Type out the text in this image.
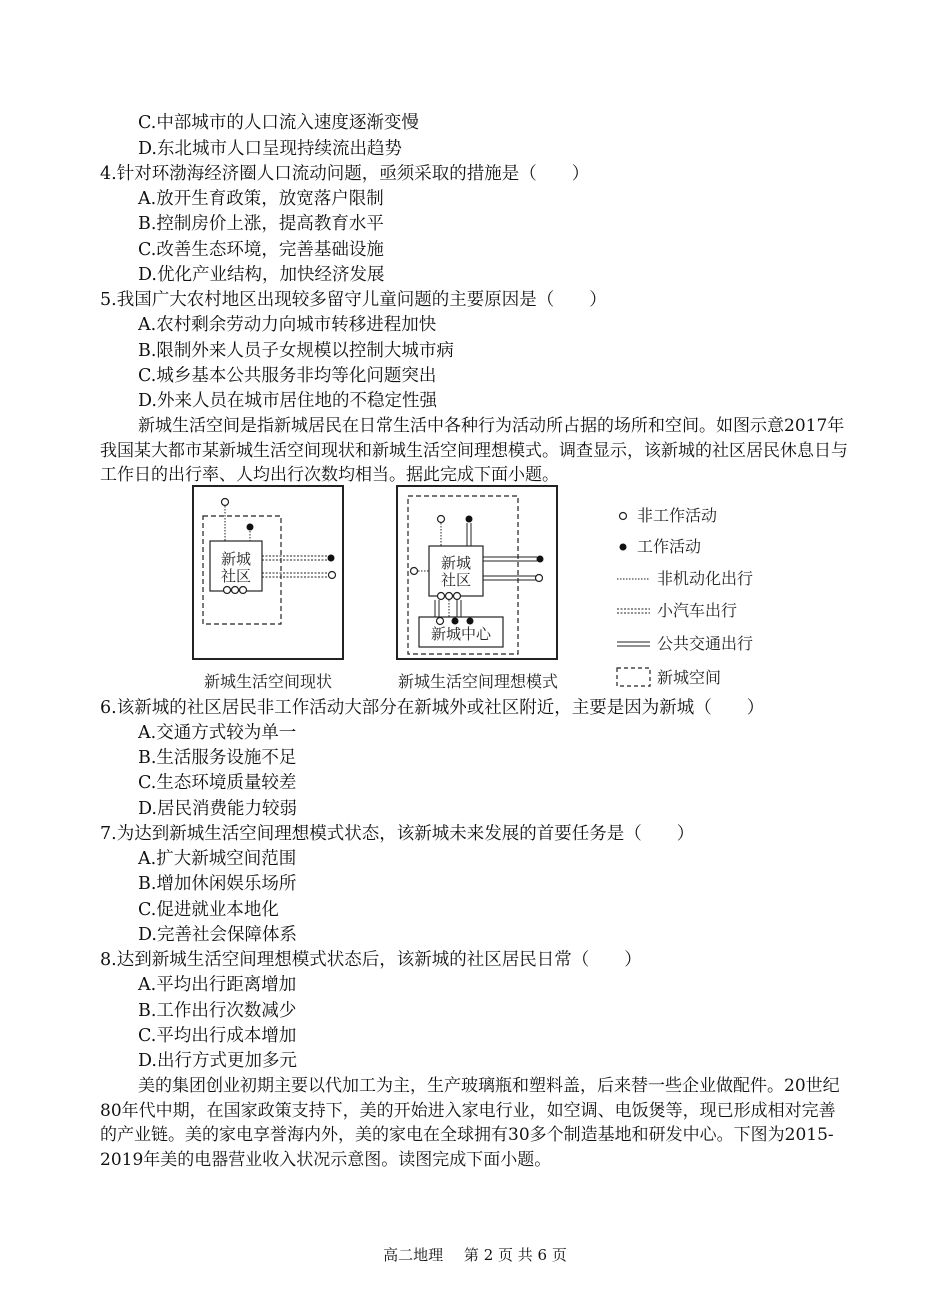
C.中部城市的人口流入速度逐渐变慢
D.东北城市人口呈现持续流出趋势
4.针对环渤海经济圈人口流动问题，亟须采取的措施是（　　）
A.放开生育政策，放宽落户限制
B.控制房价上涨，提高教育水平
C.改善生态环境，完善基础设施
D.优化产业结构，加快经济发展
5.我国广大农村地区出现较多留守儿童问题的主要原因是（　　）
A.农村剩余劳动力向城市转移进程加快
B.限制外来人员子女规模以控制大城市病
C.城乡基本公共服务非均等化问题突出
D.外来人员在城市居住地的不稳定性强
新城生活空间是指新城居民在日常生活中各种行为活动所占据的场所和空间。如图示意2017年我国某大都市某新城生活空间现状和新城生活空间理想模式。调查显示，该新城的社区居民休息日与工作日的出行率、人均出行次数均相当。据此完成下面小题。
新城
社区
新城
社区
新城中心
新城生活空间现状	新城生活空间理想模式
非工作活动
工作活动
非机动化出行
小汽车出行
公共交通出行
新城空间
6.该新城的社区居民非工作活动大部分在新城外或社区附近，主要是因为新城（　　）
A.交通方式较为单一
B.生活服务设施不足
C.生态环境质量较差
D.居民消费能力较弱
7.为达到新城生活空间理想模式状态，该新城未来发展的首要任务是（　　）
A.扩大新城空间范围
B.增加休闲娱乐场所
C.促进就业本地化
D.完善社会保障体系
8.达到新城生活空间理想模式状态后，该新城的社区居民日常（　　）
A.平均出行距离增加
B.工作出行次数减少
C.平均出行成本增加
D.出行方式更加多元
美的集团创业初期主要以代加工为主，生产玻璃瓶和塑料盖，后来替一些企业做配件。20世纪80年代中期，在国家政策支持下，美的开始进入家电行业，如空调、电饭煲等，现已形成相对完善的产业链。美的家电享誉海内外，美的家电在全球拥有30多个制造基地和研发中心。下图为2015-2019年美的电器营业收入状况示意图。读图完成下面小题。
高二地理 第 2 页 共 6 页
